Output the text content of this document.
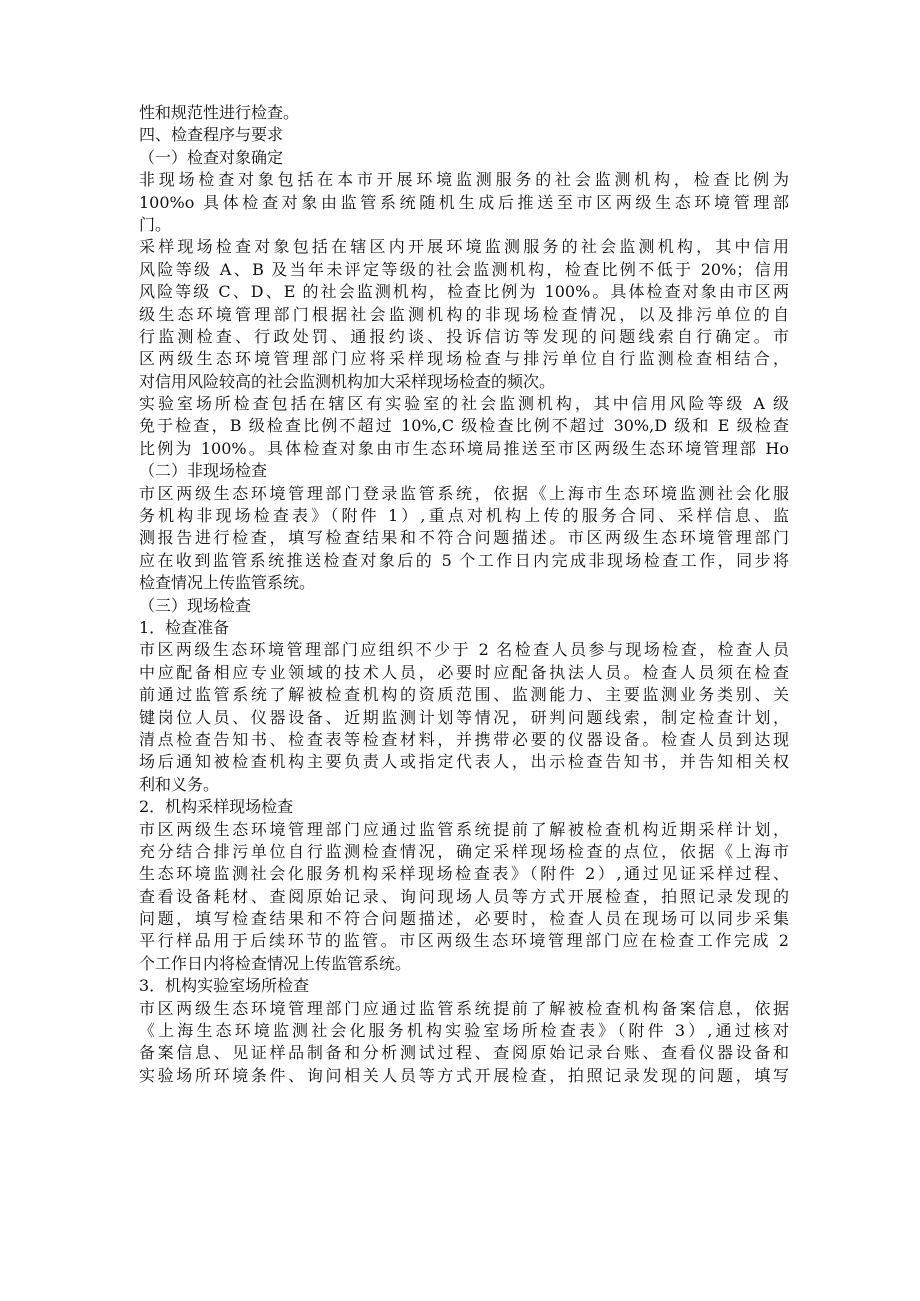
性和规范性进行检查。
四、检查程序与要求
（一）检查对象确定
非现场检查对象包括在本市开展环境监测服务的社会监测机构，检查比例为
100%o 具体检查对象由监管系统随机生成后推送至市区两级生态环境管理部
门。
采样现场检查对象包括在辖区内开展环境监测服务的社会监测机构，其中信用
风险等级 A、B 及当年未评定等级的社会监测机构，检查比例不低于 20%；信用
风险等级 C、D、E 的社会监测机构，检查比例为 100%。具体检查对象由市区两
级生态环境管理部门根据社会监测机构的非现场检查情况，以及排污单位的自
行监测检查、行政处罚、通报约谈、投诉信访等发现的问题线索自行确定。市
区两级生态环境管理部门应将采样现场检查与排污单位自行监测检查相结合，
对信用风险较高的社会监测机构加大采样现场检查的频次。
实验室场所检查包括在辖区有实验室的社会监测机构，其中信用风险等级 A 级
免于检查，B 级检查比例不超过 10%,C 级检查比例不超过 30%,D 级和 E 级检查
比例为 100%。具体检查对象由市生态环境局推送至市区两级生态环境管理部 Ho
（二）非现场检查
市区两级生态环境管理部门登录监管系统，依据《上海市生态环境监测社会化服
务机构非现场检查表》（附件 1）,重点对机构上传的服务合同、采样信息、监
测报告进行检查，填写检查结果和不符合问题描述。市区两级生态环境管理部门
应在收到监管系统推送检查对象后的 5 个工作日内完成非现场检查工作，同步将
检查情况上传监管系统。
（三）现场检查
1．检查准备
市区两级生态环境管理部门应组织不少于 2 名检查人员参与现场检查，检查人员
中应配备相应专业领域的技术人员，必要时应配备执法人员。检查人员须在检查
前通过监管系统了解被检查机构的资质范围、监测能力、主要监测业务类别、关
键岗位人员、仪器设备、近期监测计划等情况，研判问题线索，制定检查计划，
清点检查告知书、检查表等检查材料，并携带必要的仪器设备。检查人员到达现
场后通知被检查机构主要负责人或指定代表人，出示检查告知书，并告知相关权
利和义务。
2．机构采样现场检查
市区两级生态环境管理部门应通过监管系统提前了解被检查机构近期采样计划，
充分结合排污单位自行监测检查情况，确定采样现场检查的点位，依据《上海市
生态环境监测社会化服务机构采样现场检查表》（附件 2）,通过见证采样过程、
查看设备耗材、查阅原始记录、询问现场人员等方式开展检查，拍照记录发现的
问题，填写检查结果和不符合问题描述，必要时，检查人员在现场可以同步采集
平行样品用于后续环节的监管。市区两级生态环境管理部门应在检查工作完成 2
个工作日内将检查情况上传监管系统。
3．机构实验室场所检查
市区两级生态环境管理部门应通过监管系统提前了解被检查机构备案信息，依据
《上海生态环境监测社会化服务机构实验室场所检查表》（附件 3）,通过核对
备案信息、见证样品制备和分析测试过程、查阅原始记录台账、查看仪器设备和
实验场所环境条件、询问相关人员等方式开展检查，拍照记录发现的问题，填写
